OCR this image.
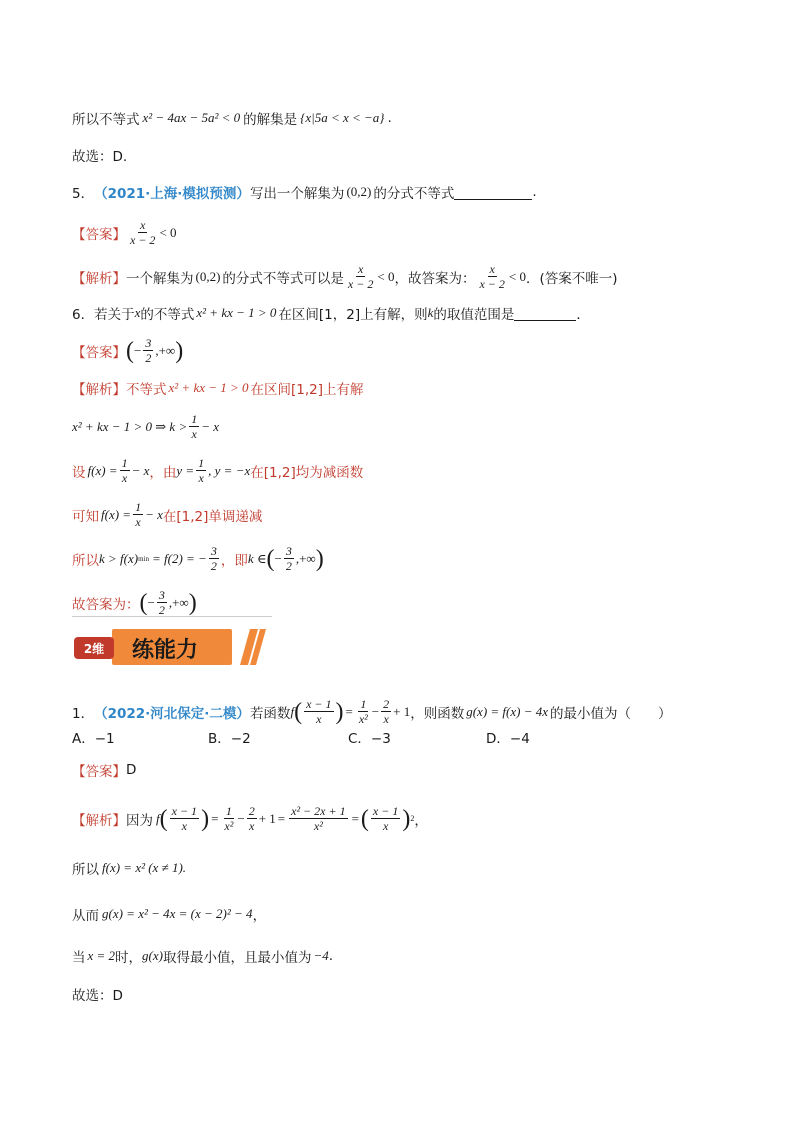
所以不等式 x² − 4ax − 5a² < 0 的解集是 {x|5a < x < −a} .
故选：D.
5． （2021·上海·模拟预测） 写出一个解集为 (0,2) 的分式不等式	.
【答案】 $\frac{x}{x - 2} < 0$
【解析】 一个解集为 (0,2) 的分式不等式可以是 $\frac{x}{x - 2} < 0$ ，故答案为： $\frac{x}{x - 2} < 0$ ．(答案不唯一)
6．若关于 x 的不等式 x² + kx − 1 > 0 在区间[1，2]上有解，则 k 的取值范围是	．
【答案】 ( − $\frac{3}{2}$ ,+∞ )
【解析】 不等式 x² + kx − 1 > 0 在区间[1,2]上有解
x² + kx − 1 > 0 ⇒ $k > \frac{1}{x} - x$
设 $f(x) = \frac{1}{x} - x$ ，由 $y = \frac{1}{x}$ , y = −x 在[1,2]均为减函数
可知 $f(x) = \frac{1}{x} - x$ 在[1,2]单调递减
所以 k > f(x) min = f(2) = − $\frac{3}{2}$ ，即 k ∈ ( − $\frac{3}{2}$ ,+∞ )
故答案为： ( − $\frac{3}{2}$ ,+∞ )
2维	练能力
1． （2022·河北保定·二模） 若函数 f ( $\frac{x - 1}{x}$ ) = $\frac{1}{\text{x²}} - \frac{2}{x} + 1$ ，则函数 g(x) = f(x) − 4x 的最小值为（　　）
A．−1	B．−2	C．−3	D．−4
【答案】 D
【解析】 因为 f ( $\frac{x - 1}{x}$ ) = $\frac{1}{\text{x²}} - \frac{2}{x} + 1 = \frac{\text{x² − 2x + 1}}{\text{x²}}$ = ( $\frac{x - 1}{x}$ ) 2 ，
所以 f(x) = x² (x ≠ 1).
从而 g(x) = x² − 4x = (x − 2)² − 4 ，
当 x = 2 时， g(x) 取得最小值，且最小值为 −4 .
故选：D
